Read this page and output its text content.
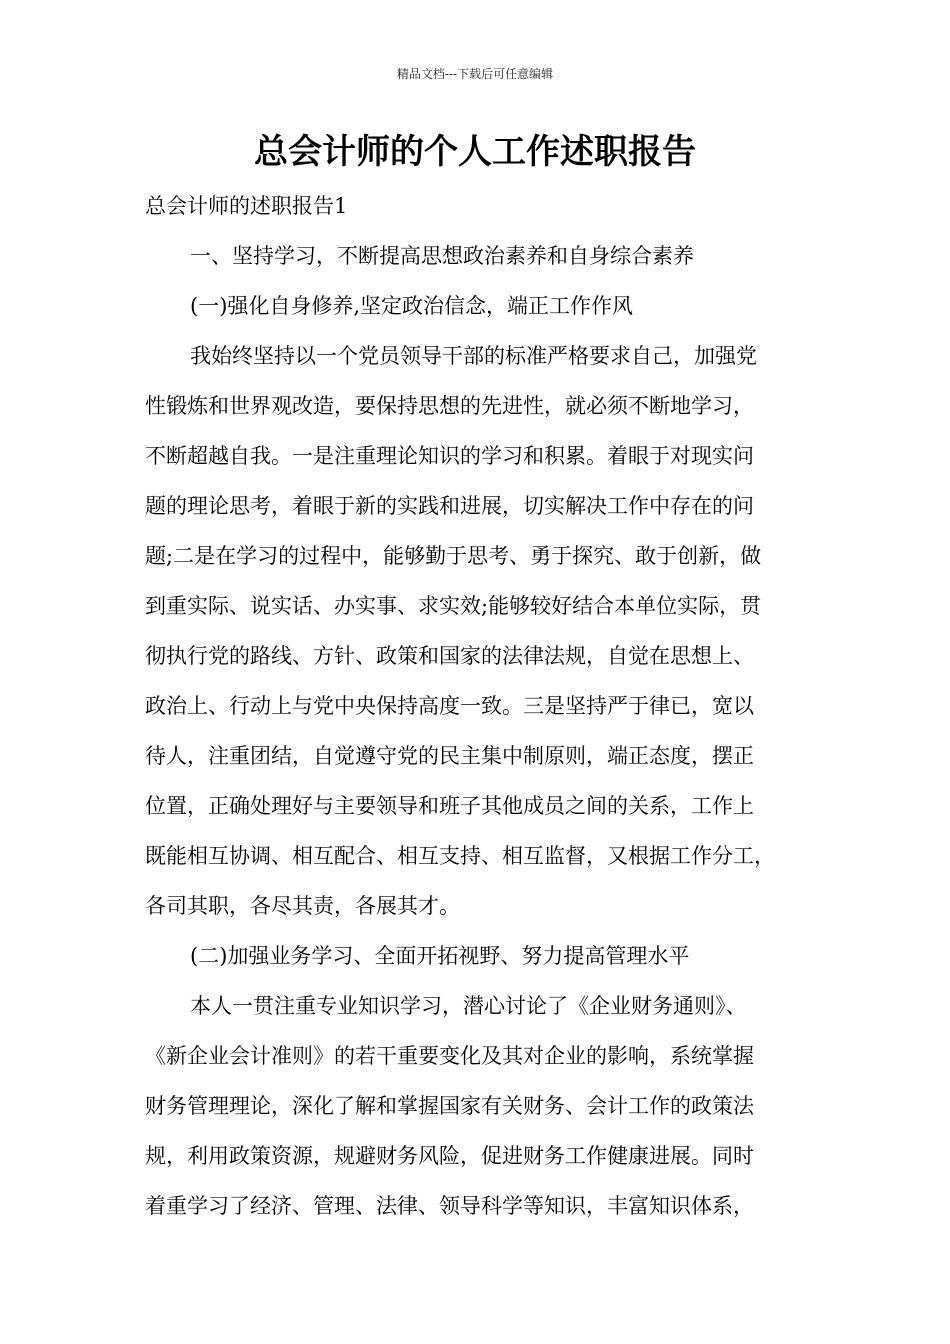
精品文档---下载后可任意编辑
总会计师的个人工作述职报告
总会计师的述职报告1
一、坚持学习，不断提高思想政治素养和自身综合素养
(一)强化自身修养,坚定政治信念，端正工作作风
我始终坚持以一个党员领导干部的标准严格要求自己，加强党
性锻炼和世界观改造，要保持思想的先进性，就必须不断地学习，
不断超越自我。一是注重理论知识的学习和积累。着眼于对现实问
题的理论思考，着眼于新的实践和进展，切实解决工作中存在的问
题;二是在学习的过程中，能够勤于思考、勇于探究、敢于创新，做
到重实际、说实话、办实事、求实效;能够较好结合本单位实际，贯
彻执行党的路线、方针、政策和国家的法律法规，自觉在思想上、
政治上、行动上与党中央保持高度一致。三是坚持严于律已，宽以
待人，注重团结，自觉遵守党的民主集中制原则，端正态度，摆正
位置，正确处理好与主要领导和班子其他成员之间的关系，工作上
既能相互协调、相互配合、相互支持、相互监督，又根据工作分工，
各司其职，各尽其责，各展其才。
(二)加强业务学习、全面开拓视野、努力提高管理水平
本人一贯注重专业知识学习，潜心讨论了《企业财务通则》、
《新企业会计准则》的若干重要变化及其对企业的影响，系统掌握
财务管理理论，深化了解和掌握国家有关财务、会计工作的政策法
规，利用政策资源，规避财务风险，促进财务工作健康进展。同时
着重学习了经济、管理、法律、领导科学等知识，丰富知识体系，
